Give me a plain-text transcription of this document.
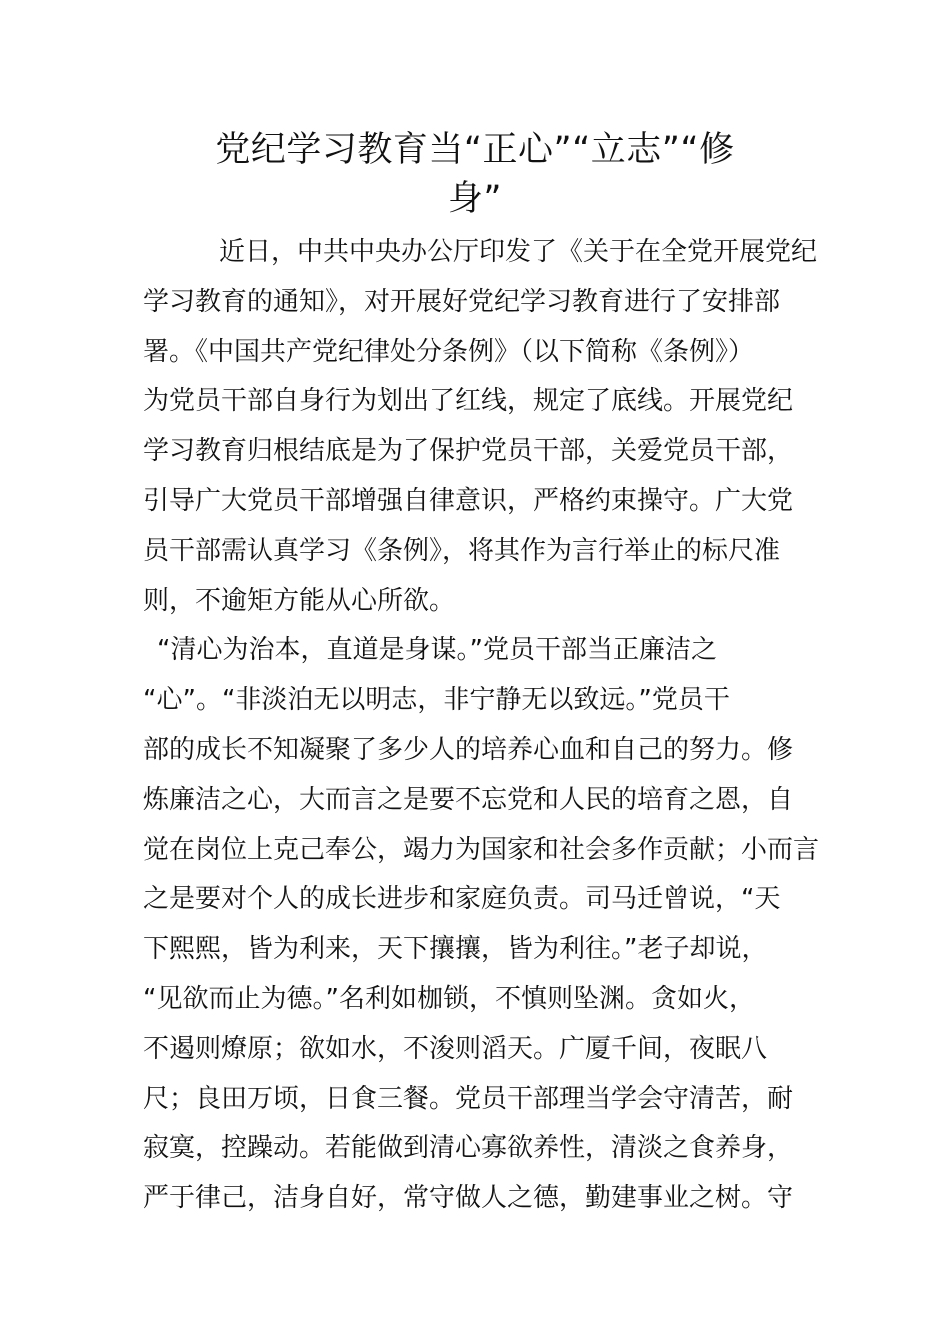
党纪学习教育当“正心”“立志”“修
身”
近日，中共中央办公厅印发了《关于在全党开展党纪
学习教育的通知》，对开展好党纪学习教育进行了安排部
署。《中国共产党纪律处分条例》（以下简称《条例》）
为党员干部自身行为划出了红线，规定了底线。开展党纪
学习教育归根结底是为了保护党员干部，关爱党员干部，
引导广大党员干部增强自律意识，严格约束操守。广大党
员干部需认真学习《条例》，将其作为言行举止的标尺准
则，不逾矩方能从心所欲。
“清心为治本，直道是身谋。”党员干部当正廉洁之
“心”。“非淡泊无以明志，非宁静无以致远。”党员干
部的成长不知凝聚了多少人的培养心血和自己的努力。修
炼廉洁之心，大而言之是要不忘党和人民的培育之恩，自
觉在岗位上克己奉公，竭力为国家和社会多作贡献；小而言
之是要对个人的成长进步和家庭负责。司马迁曾说，“天
下熙熙，皆为利来，天下攘攘，皆为利往。”老子却说，
“见欲而止为德。”名利如枷锁，不慎则坠渊。贪如火，
不遏则燎原；欲如水，不浚则滔天。广厦千间，夜眠八
尺；良田万顷，日食三餐。党员干部理当学会守清苦，耐
寂寞，控躁动。若能做到清心寡欲养性，清淡之食养身，
严于律己，洁身自好，常守做人之德，勤建事业之树。守
